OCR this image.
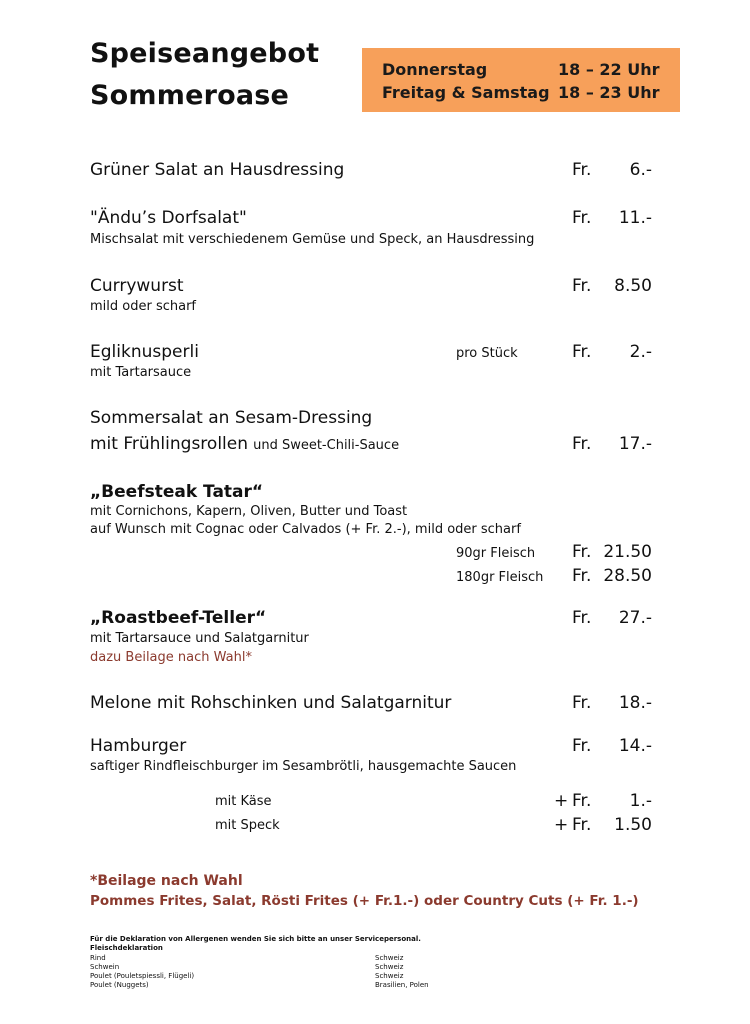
Speiseangebot
Sommeroase
Donnerstag	18 – 22 Uhr
Freitag & Samstag 18 – 23 Uhr
Grüner Salat an Hausdressing	Fr.	6.-
"Ändu’s Dorfsalat"
Mischsalat mit verschiedenem Gemüse und Speck, an Hausdressing
Fr.	11.-
Currywurst
mild oder scharf
Fr.	8.50
Egliknusperli	pro Stück
mit Tartarsauce
Fr.	2.-
Sommersalat an Sesam-Dressing
mit Frühlingsrollen und Sweet-Chili-Sauce	Fr.	17.-
„Beefsteak Tatar“
mit Cornichons, Kapern, Oliven, Butter und Toast
auf Wunsch mit Cognac oder Calvados (+ Fr. 2.-), mild oder scharf
90gr Fleisch Fr. 21.50
180gr Fleisch Fr. 28.50
„Roastbeef-Teller“
mit Tartarsauce und Salatgarnitur
dazu Beilage nach Wahl*
Fr.	27.-
Melone mit Rohschinken und Salatgarnitur	Fr.	18.-
Hamburger
saftiger Rindfleischburger im Sesambrötli, hausgemachte Saucen
Fr.	14.-
mit Käse	+ Fr.	1.-
mit Speck	+ Fr.	1.50
*Beilage nach Wahl
Pommes Frites, Salat, Rösti Frites (+ Fr.1.-) oder Country Cuts (+ Fr. 1.-)
Für die Deklaration von Allergenen wenden Sie sich bitte an unser Servicepersonal.
Fleischdeklaration
Rind	Schweiz
Schwein	Schweiz
Poulet (Pouletspiessli, Flügeli)	Schweiz
Poulet (Nuggets)	Brasilien, Polen
